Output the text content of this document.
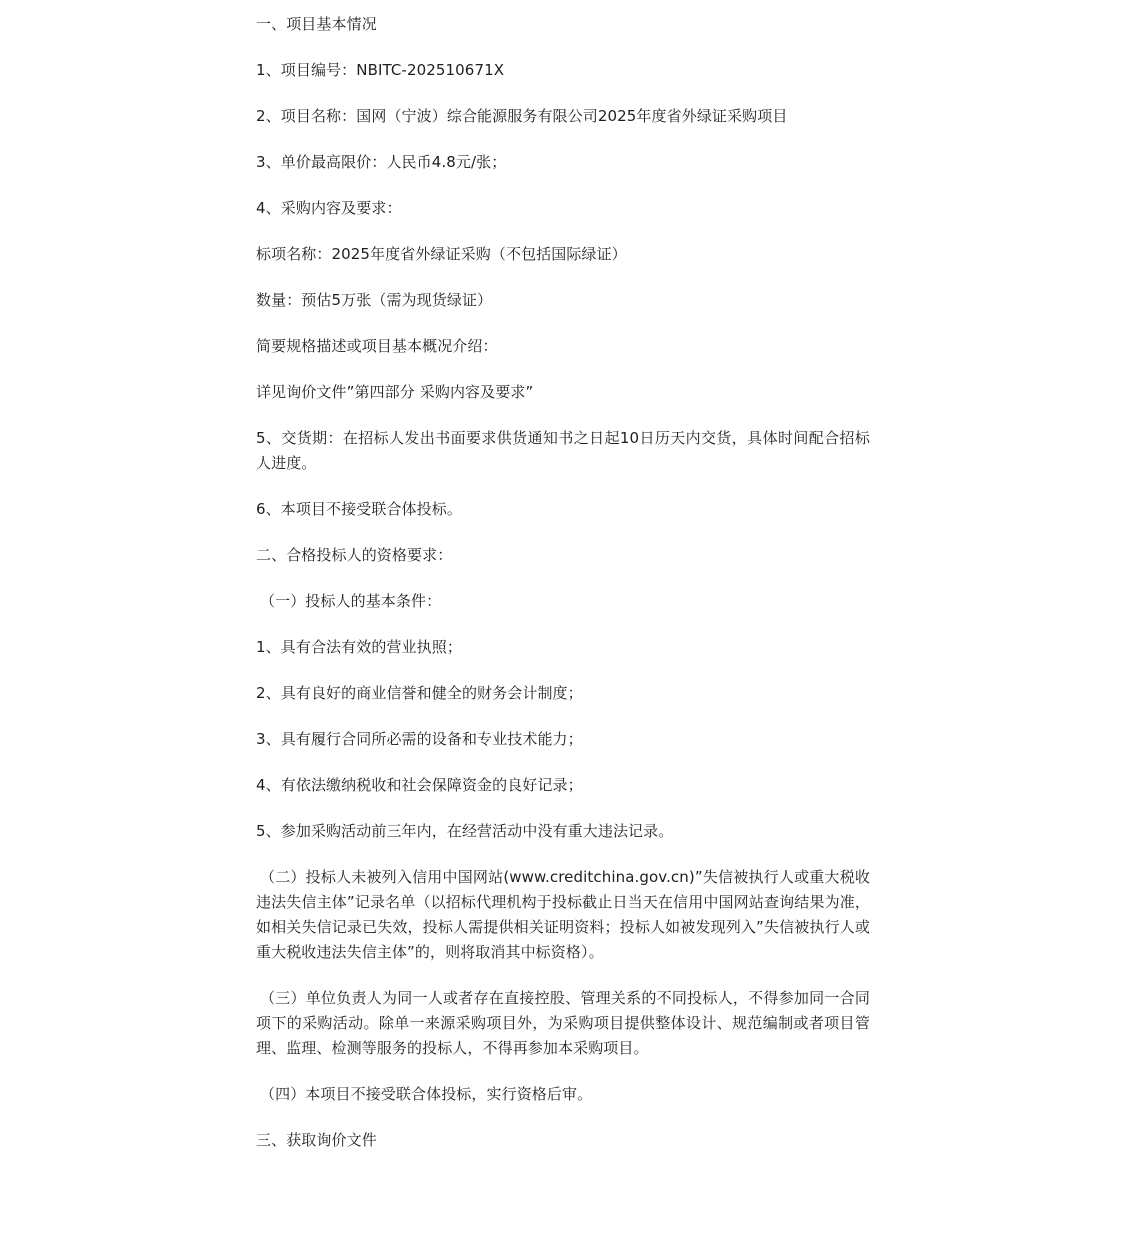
一、项目基本情况

1、项目编号：NBITC-202510671X

2、项目名称：国网（宁波）综合能源服务有限公司2025年度省外绿证采购项目

3、单价最高限价：人民币4.8元/张；

4、采购内容及要求：

标项名称：2025年度省外绿证采购（不包括国际绿证）

数量：预估5万张（需为现货绿证）

简要规格描述或项目基本概况介绍：

详见询价文件”第四部分 采购内容及要求”

5、交货期：在招标人发出书面要求供货通知书之日起10日历天内交货，具体时间配合招标人进度。

6、本项目不接受联合体投标。

二、合格投标人的资格要求：

（一）投标人的基本条件：

1、具有合法有效的营业执照；

2、具有良好的商业信誉和健全的财务会计制度；

3、具有履行合同所必需的设备和专业技术能力；

4、有依法缴纳税收和社会保障资金的良好记录；

5、参加采购活动前三年内，在经营活动中没有重大违法记录。

（二）投标人未被列入信用中国网站(www.creditchina.gov.cn)”失信被执行人或重大税收违法失信主体”记录名单（以招标代理机构于投标截止日当天在信用中国网站查询结果为准，如相关失信记录已失效，投标人需提供相关证明资料；投标人如被发现列入”失信被执行人或重大税收违法失信主体”的，则将取消其中标资格）。

（三）单位负责人为同一人或者存在直接控股、管理关系的不同投标人，不得参加同一合同项下的采购活动。除单一来源采购项目外，为采购项目提供整体设计、规范编制或者项目管理、监理、检测等服务的投标人，不得再参加本采购项目。

（四）本项目不接受联合体投标，实行资格后审。

三、获取询价文件
